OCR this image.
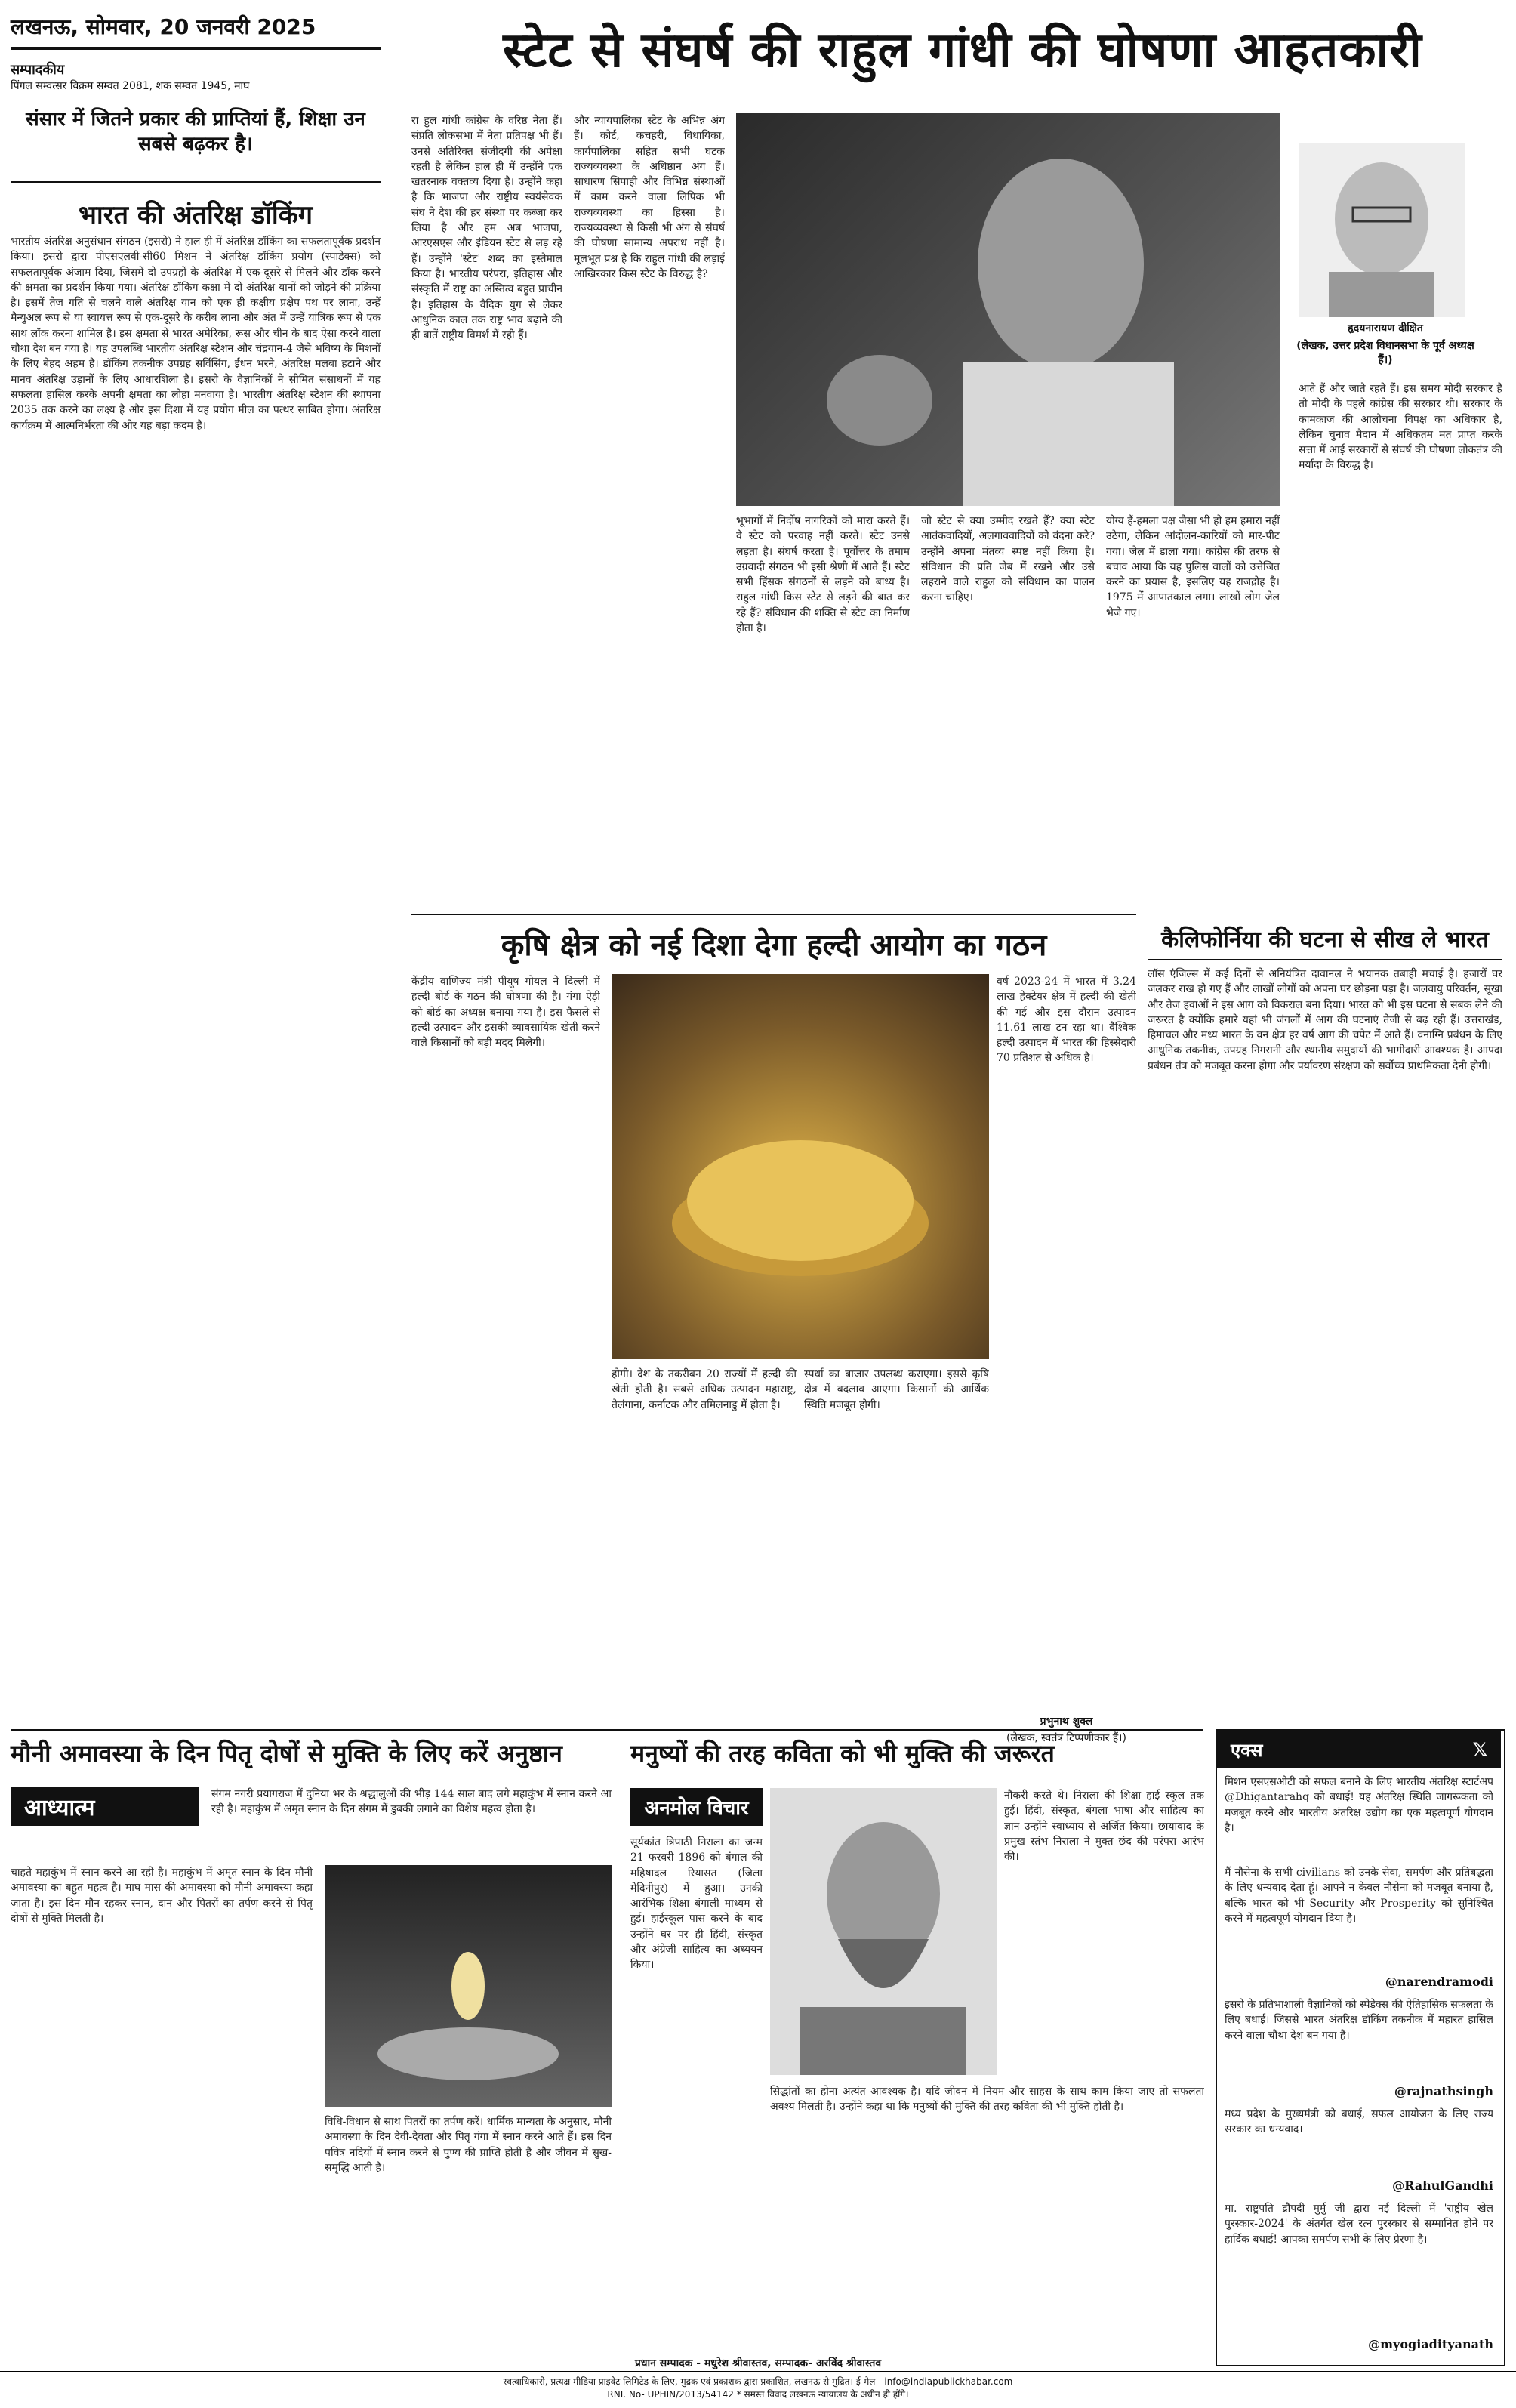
लखनऊ, सोमवार, 20 जनवरी 2025
सम्पादकीय
पिंगल सम्वत्सर विक्रम सम्वत 2081, शक सम्वत 1945, माघ
संसार में जितने प्रकार की प्राप्तियां हैं, शिक्षा उन सबसे बढ़कर है।
स्टेट से संघर्ष की राहुल गांधी की घोषणा आहतकारी
भारत की अंतरिक्ष डॉकिंग
भारतीय अंतरिक्ष अनुसंधान संगठन (इसरो) ने हाल ही में अंतरिक्ष डॉकिंग का सफलतापूर्वक प्रदर्शन किया। इसरो द्वारा पीएसएलवी-सी60 मिशन ने अंतरिक्ष डॉकिंग प्रयोग (स्पाडेक्स) को सफलतापूर्वक अंजाम दिया, जिसमें दो उपग्रहों के अंतरिक्ष में एक-दूसरे से मिलने और डॉक करने की क्षमता का प्रदर्शन किया गया। अंतरिक्ष डॉकिंग कक्षा में दो अंतरिक्ष यानों को जोड़ने की प्रक्रिया है। इसमें तेज गति से चलने वाले अंतरिक्ष यान को एक ही कक्षीय प्रक्षेप पथ पर लाना, उन्हें मैन्युअल रूप से या स्वायत्त रूप से एक-दूसरे के करीब लाना और अंत में उन्हें यांत्रिक रूप से एक साथ लॉक करना शामिल है। इस क्षमता से भारत अमेरिका, रूस और चीन के बाद ऐसा करने वाला चौथा देश बन गया है। यह उपलब्धि भारतीय अंतरिक्ष स्टेशन और चंद्रयान-4 जैसे भविष्य के मिशनों के लिए बेहद अहम है। डॉकिंग तकनीक उपग्रह सर्विसिंग, ईंधन भरने, अंतरिक्ष मलबा हटाने और मानव अंतरिक्ष उड़ानों के लिए आधारशिला है। इसरो के वैज्ञानिकों ने सीमित संसाधनों में यह सफलता हासिल करके अपनी क्षमता का लोहा मनवाया है। भारतीय अंतरिक्ष स्टेशन की स्थापना 2035 तक करने का लक्ष्य है और इस दिशा में यह प्रयोग मील का पत्थर साबित होगा। अंतरिक्ष कार्यक्रम में आत्मनिर्भरता की ओर यह बड़ा कदम है।
रा हुल गांधी कांग्रेस के वरिष्ठ नेता हैं। संप्रति लोकसभा में नेता प्रतिपक्ष भी हैं। उनसे अतिरिक्त संजीदगी की अपेक्षा रहती है लेकिन हाल ही में उन्होंने एक खतरनाक वक्तव्य दिया है। उन्होंने कहा है कि भाजपा और राष्ट्रीय स्वयंसेवक संघ ने देश की हर संस्था पर कब्जा कर लिया है और हम अब भाजपा, आरएसएस और इंडियन स्टेट से लड़ रहे हैं। उन्होंने 'स्टेट' शब्द का इस्तेमाल किया है। भारतीय परंपरा, इतिहास और संस्कृति में राष्ट्र का अस्तित्व बहुत प्राचीन है। इतिहास के वैदिक युग से लेकर आधुनिक काल तक राष्ट्र भाव बढ़ाने की ही बातें राष्ट्रीय विमर्श में रही हैं।
और न्यायपालिका स्टेट के अभिन्न अंग हैं। कोर्ट, कचहरी, विधायिका, कार्यपालिका सहित सभी घटक राज्यव्यवस्था के अधिष्ठान अंग हैं। साधारण सिपाही और विभिन्न संस्थाओं में काम करने वाला लिपिक भी राज्यव्यवस्था का हिस्सा है। राज्यव्यवस्था से किसी भी अंग से संघर्ष की घोषणा सामान्य अपराध नहीं है। मूलभूत प्रश्न है कि राहुल गांधी की लड़ाई आखिरकार किस स्टेट के विरुद्ध है?
हृदयनारायण दीक्षित
(लेखक, उत्तर प्रदेश विधानसभा के पूर्व अध्यक्ष हैं।)
भूभागों में निर्दोष नागरिकों को मारा करते हैं। वे स्टेट को परवाह नहीं करते। स्टेट उनसे लड़ता है। संघर्ष करता है। पूर्वोत्तर के तमाम उग्रवादी संगठन भी इसी श्रेणी में आते हैं। स्टेट सभी हिंसक संगठनों से लड़ने को बाध्य है। राहुल गांधी किस स्टेट से लड़ने की बात कर रहे हैं? संविधान की शक्ति से स्टेट का निर्माण होता है।
जो स्टेट से क्या उम्मीद रखते हैं? क्या स्टेट आतंकवादियों, अलगाववादियों को वंदना करे? उन्होंने अपना मंतव्य स्पष्ट नहीं किया है। संविधान की प्रति जेब में रखने और उसे लहराने वाले राहुल को संविधान का पालन करना चाहिए।
योग्य हैं-हमला पक्ष जैसा भी हो हम हमारा नहीं उठेगा, लेकिन आंदोलन-कारियों को मार-पीट गया। जेल में डाला गया। कांग्रेस की तरफ से बचाव आया कि यह पुलिस वालों को उत्तेजित करने का प्रयास है, इसलिए यह राजद्रोह है। 1975 में आपातकाल लगा। लाखों लोग जेल भेजे गए।
आते हैं और जाते रहते हैं। इस समय मोदी सरकार है तो मोदी के पहले कांग्रेस की सरकार थी। सरकार के कामकाज की आलोचना विपक्ष का अधिकार है, लेकिन चुनाव मैदान में अधिकतम मत प्राप्त करके सत्ता में आई सरकारों से संघर्ष की घोषणा लोकतंत्र की मर्यादा के विरुद्ध है।
कृषि क्षेत्र को नई दिशा देगा हल्दी आयोग का गठन
केंद्रीय वाणिज्य मंत्री पीयूष गोयल ने दिल्ली में हल्दी बोर्ड के गठन की घोषणा की है। गंगा ऐड़ी को बोर्ड का अध्यक्ष बनाया गया है। इस फैसले से हल्दी उत्पादन और इसकी व्यावसायिक खेती करने वाले किसानों को बड़ी मदद मिलेगी।
वर्ष 2023-24 में भारत में 3.24 लाख हेक्टेयर क्षेत्र में हल्दी की खेती की गई और इस दौरान उत्पादन 11.61 लाख टन रहा था। वैश्विक हल्दी उत्पादन में भारत की हिस्सेदारी 70 प्रतिशत से अधिक है।
होगी। देश के तकरीबन 20 राज्यों में हल्दी की खेती होती है। सबसे अधिक उत्पादन महाराष्ट्र, तेलंगाना, कर्नाटक और तमिलनाडु में होता है।
स्पर्धा का बाजार उपलब्ध कराएगा। इससे कृषि क्षेत्र में बदलाव आएगा। किसानों की आर्थिक स्थिति मजबूत होगी।
प्रभुनाथ शुक्ल
(लेखक, स्वतंत्र टिप्पणीकार हैं।)
कैलिफोर्निया की घटना से सीख ले भारत
लॉस एंजिल्स में कई दिनों से अनियंत्रित दावानल ने भयानक तबाही मचाई है। हजारों घर जलकर राख हो गए हैं और लाखों लोगों को अपना घर छोड़ना पड़ा है। जलवायु परिवर्तन, सूखा और तेज हवाओं ने इस आग को विकराल बना दिया। भारत को भी इस घटना से सबक लेने की जरूरत है क्योंकि हमारे यहां भी जंगलों में आग की घटनाएं तेजी से बढ़ रही हैं। उत्तराखंड, हिमाचल और मध्य भारत के वन क्षेत्र हर वर्ष आग की चपेट में आते हैं। वनाग्नि प्रबंधन के लिए आधुनिक तकनीक, उपग्रह निगरानी और स्थानीय समुदायों की भागीदारी आवश्यक है। आपदा प्रबंधन तंत्र को मजबूत करना होगा और पर्यावरण संरक्षण को सर्वोच्च प्राथमिकता देनी होगी।
मौनी अमावस्या के दिन पितृ दोषों से मुक्ति के लिए करें अनुष्ठान
आध्यात्म
संगम नगरी प्रयागराज में दुनिया भर के श्रद्धालुओं की भीड़ 144 साल बाद लगे महाकुंभ में स्नान करने आ रही है। महाकुंभ में अमृत स्नान के दिन संगम में डुबकी लगाने का विशेष महत्व होता है।
चाहते महाकुंभ में स्नान करने आ रही है। महाकुंभ में अमृत स्नान के दिन मौनी अमावस्या का बहुत महत्व है। माघ मास की अमावस्या को मौनी अमावस्या कहा जाता है। इस दिन मौन रहकर स्नान, दान और पितरों का तर्पण करने से पितृ दोषों से मुक्ति मिलती है।
विधि-विधान से साथ पितरों का तर्पण करें। धार्मिक मान्यता के अनुसार, मौनी अमावस्या के दिन देवी-देवता और पितृ गंगा में स्नान करने आते हैं। इस दिन पवित्र नदियों में स्नान करने से पुण्य की प्राप्ति होती है और जीवन में सुख-समृद्धि आती है।
मनुष्यों की तरह कविता को भी मुक्ति की जरूरत
अनमोल विचार
सूर्यकांत त्रिपाठी निराला का जन्म 21 फरवरी 1896 को बंगाल की महिषादल रियासत (जिला मेदिनीपुर) में हुआ। उनकी आरंभिक शिक्षा बंगाली माध्यम से हुई। हाईस्कूल पास करने के बाद उन्होंने घर पर ही हिंदी, संस्कृत और अंग्रेजी साहित्य का अध्ययन किया।
नौकरी करते थे। निराला की शिक्षा हाई स्कूल तक हुई। हिंदी, संस्कृत, बंगला भाषा और साहित्य का ज्ञान उन्होंने स्वाध्याय से अर्जित किया। छायावाद के प्रमुख स्तंभ निराला ने मुक्त छंद की परंपरा आरंभ की।
सिद्धांतों का होना अत्यंत आवश्यक है। यदि जीवन में नियम और साहस के साथ काम किया जाए तो सफलता अवश्य मिलती है। उन्होंने कहा था कि मनुष्यों की मुक्ति की तरह कविता की भी मुक्ति होती है।
एक्स	𝕏
मिशन एसएसओटी को सफल बनाने के लिए भारतीय अंतरिक्ष स्टार्टअप @Dhigantarahq को बधाई! यह अंतरिक्ष स्थिति जागरूकता को मजबूत करने और भारतीय अंतरिक्ष उद्योग का एक महत्वपूर्ण योगदान है।
मैं नौसेना के सभी civilians को उनके सेवा, समर्पण और प्रतिबद्धता के लिए धन्यवाद देता हूं। आपने न केवल नौसेना को मजबूत बनाया है, बल्कि भारत को भी Security और Prosperity को सुनिश्चित करने में महत्वपूर्ण योगदान दिया है।
@narendramodi
इसरो के प्रतिभाशाली वैज्ञानिकों को स्पेडेक्स की ऐतिहासिक सफलता के लिए बधाई। जिससे भारत अंतरिक्ष डॉकिंग तकनीक में महारत हासिल करने वाला चौथा देश बन गया है।
@rajnathsingh
मध्य प्रदेश के मुख्यमंत्री को बधाई, सफल आयोजन के लिए राज्य सरकार का धन्यवाद।
@RahulGandhi
मा. राष्ट्रपति द्रौपदी मुर्मु जी द्वारा नई दिल्ली में 'राष्ट्रीय खेल पुरस्कार-2024' के अंतर्गत खेल रत्न पुरस्कार से सम्मानित होने पर हार्दिक बधाई! आपका समर्पण सभी के लिए प्रेरणा है।
@myogiadityanath
प्रधान सम्पादक - मधुरेश श्रीवास्तव, सम्पादक- अरविंद श्रीवास्तव
स्वत्वाधिकारी, प्रत्यक्ष मीडिया प्राइवेट लिमिटेड के लिए, मुद्रक एवं प्रकाशक द्वारा प्रकाशित, लखनऊ से मुद्रित। ई-मेल - info@indiapublickhabar.com
RNI. No- UPHIN/2013/54142 * समस्त विवाद लखनऊ न्यायालय के अधीन ही होंगे।
